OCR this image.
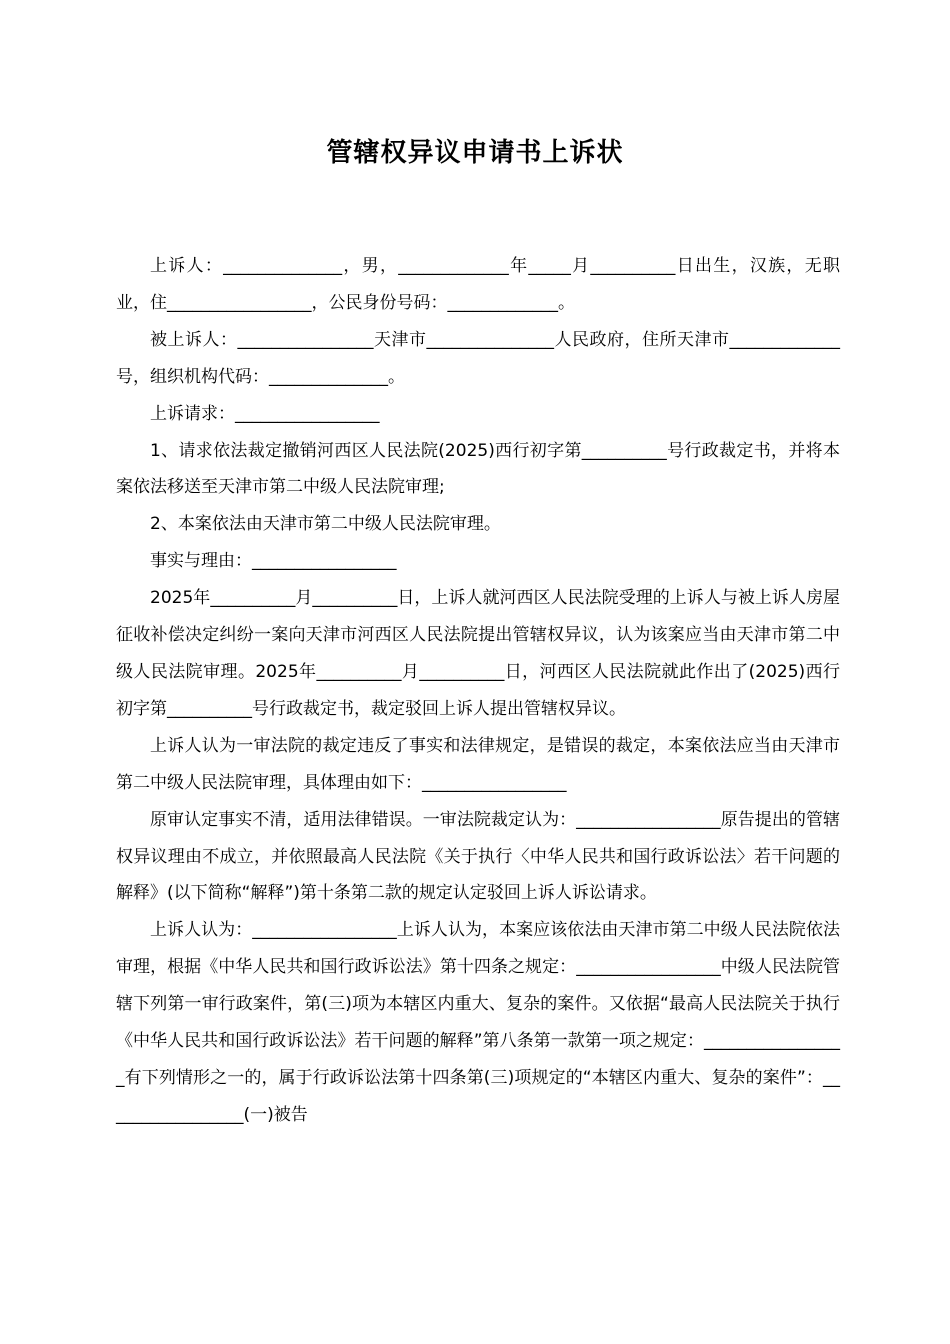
管辖权异议申请书上诉状

上诉人：______________，男，_____________年_____月__________日出生，汉族，无职业，住_________________，公民身份号码：_____________。

被上诉人：________________天津市_______________人民政府，住所天津市_____________号，组织机构代码：______________。

上诉请求：_________________

1、请求依法裁定撤销河西区人民法院(2025)西行初字第__________号行政裁定书，并将本案依法移送至天津市第二中级人民法院审理;

2、本案依法由天津市第二中级人民法院审理。

事实与理由：_________________

2025年__________月__________日，上诉人就河西区人民法院受理的上诉人与被上诉人房屋征收补偿决定纠纷一案向天津市河西区人民法院提出管辖权异议，认为该案应当由天津市第二中级人民法院审理。2025年__________月__________日，河西区人民法院就此作出了(2025)西行初字第__________号行政裁定书，裁定驳回上诉人提出管辖权异议。

上诉人认为一审法院的裁定违反了事实和法律规定，是错误的裁定，本案依法应当由天津市第二中级人民法院审理，具体理由如下：_________________

原审认定事实不清，适用法律错误。一审法院裁定认为：_________________原告提出的管辖权异议理由不成立，并依照最高人民法院《关于执行〈中华人民共和国行政诉讼法〉若干问题的解释》(以下简称“解释”)第十条第二款的规定认定驳回上诉人诉讼请求。

上诉人认为：_________________上诉人认为，本案应该依法由天津市第二中级人民法院依法审理，根据《中华人民共和国行政诉讼法》第十四条之规定：_________________中级人民法院管辖下列第一审行政案件，第(三)项为本辖区内重大、复杂的案件。又依据“最高人民法院关于执行《中华人民共和国行政诉讼法》若干问题的解释”第八条第一款第一项之规定：_________________有下列情形之一的，属于行政诉讼法第十四条第(三)项规定的“本辖区内重大、复杂的案件”：_________________(一)被告
